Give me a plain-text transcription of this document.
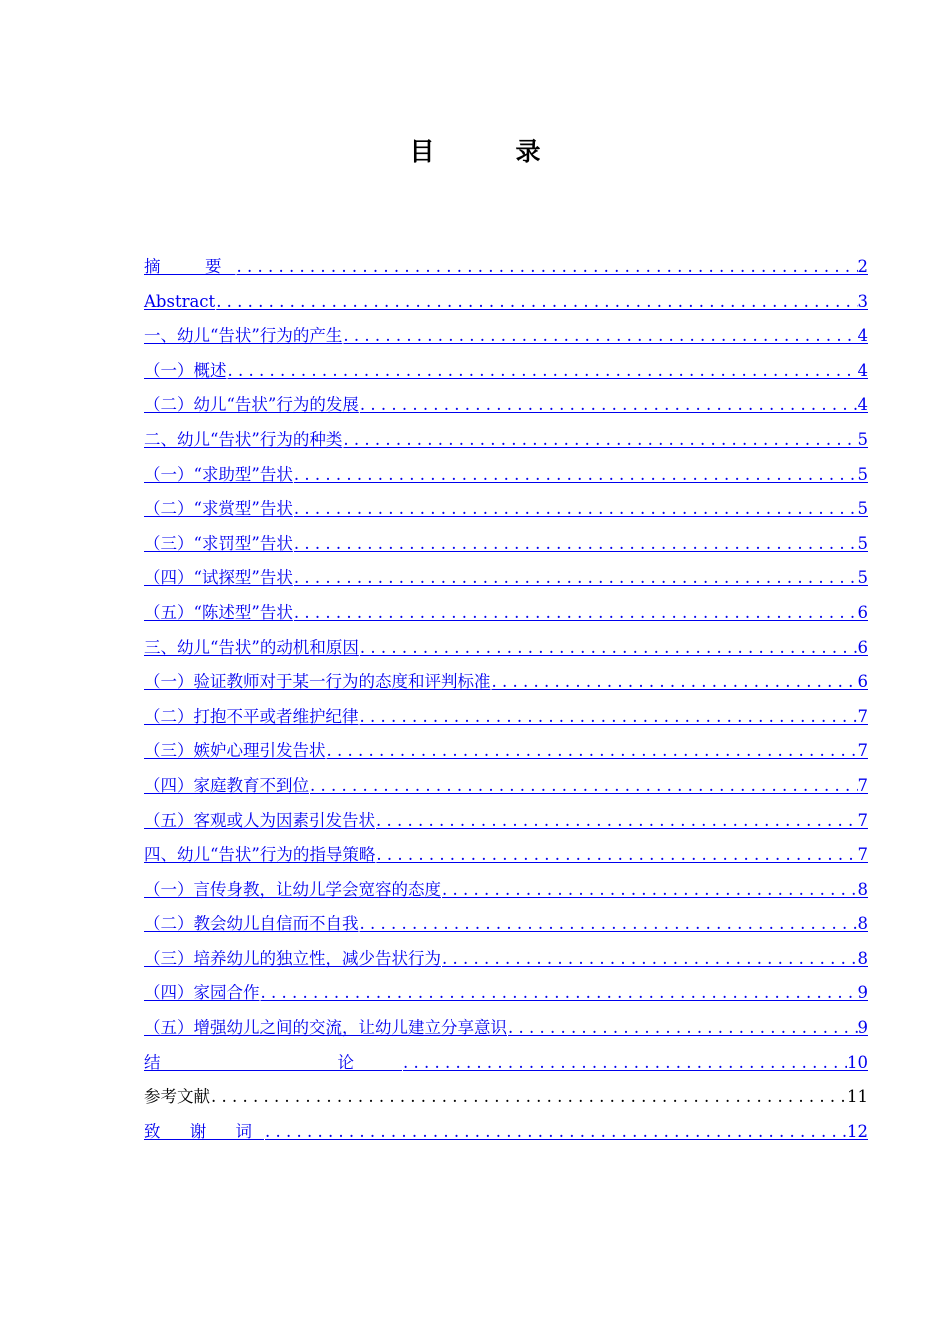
目　录
摘　要 . . .	2
Abstract . . .	3
一、幼儿“告状”行为的产生 . . .	4
（一）概述 . . .	4
（二）幼儿“告状”行为的发展 . . .	4
二、幼儿“告状”行为的种类 . . .	5
（一）“求助型”告状 . . .	5
（二）“求赏型”告状 . . .	5
（三）“求罚型”告状 . . .	5
（四）“试探型”告状 . . .	5
（五）“陈述型”告状 . . .	6
三、幼儿“告状”的动机和原因 . . .	6
（一）验证教师对于某一行为的态度和评判标准 . . .	6
（二）打抱不平或者维护纪律 . . .	7
（三）嫉妒心理引发告状 . . .	7
（四）家庭教育不到位 . . .	7
（五）客观或人为因素引发告状 . . .	7
四、幼儿“告状”行为的指导策略 . . .	7
（一）言传身教，让幼儿学会宽容的态度 . . .	8
（二）教会幼儿自信而不自我 . . .	8
（三）培养幼儿的独立性，减少告状行为 . . .	8
（四）家园合作 . . .	9
（五）增强幼儿之间的交流，让幼儿建立分享意识 . . .	9
结　　论 . . .	10
参考文献 . . .	11
致 谢 词 . . .	12
